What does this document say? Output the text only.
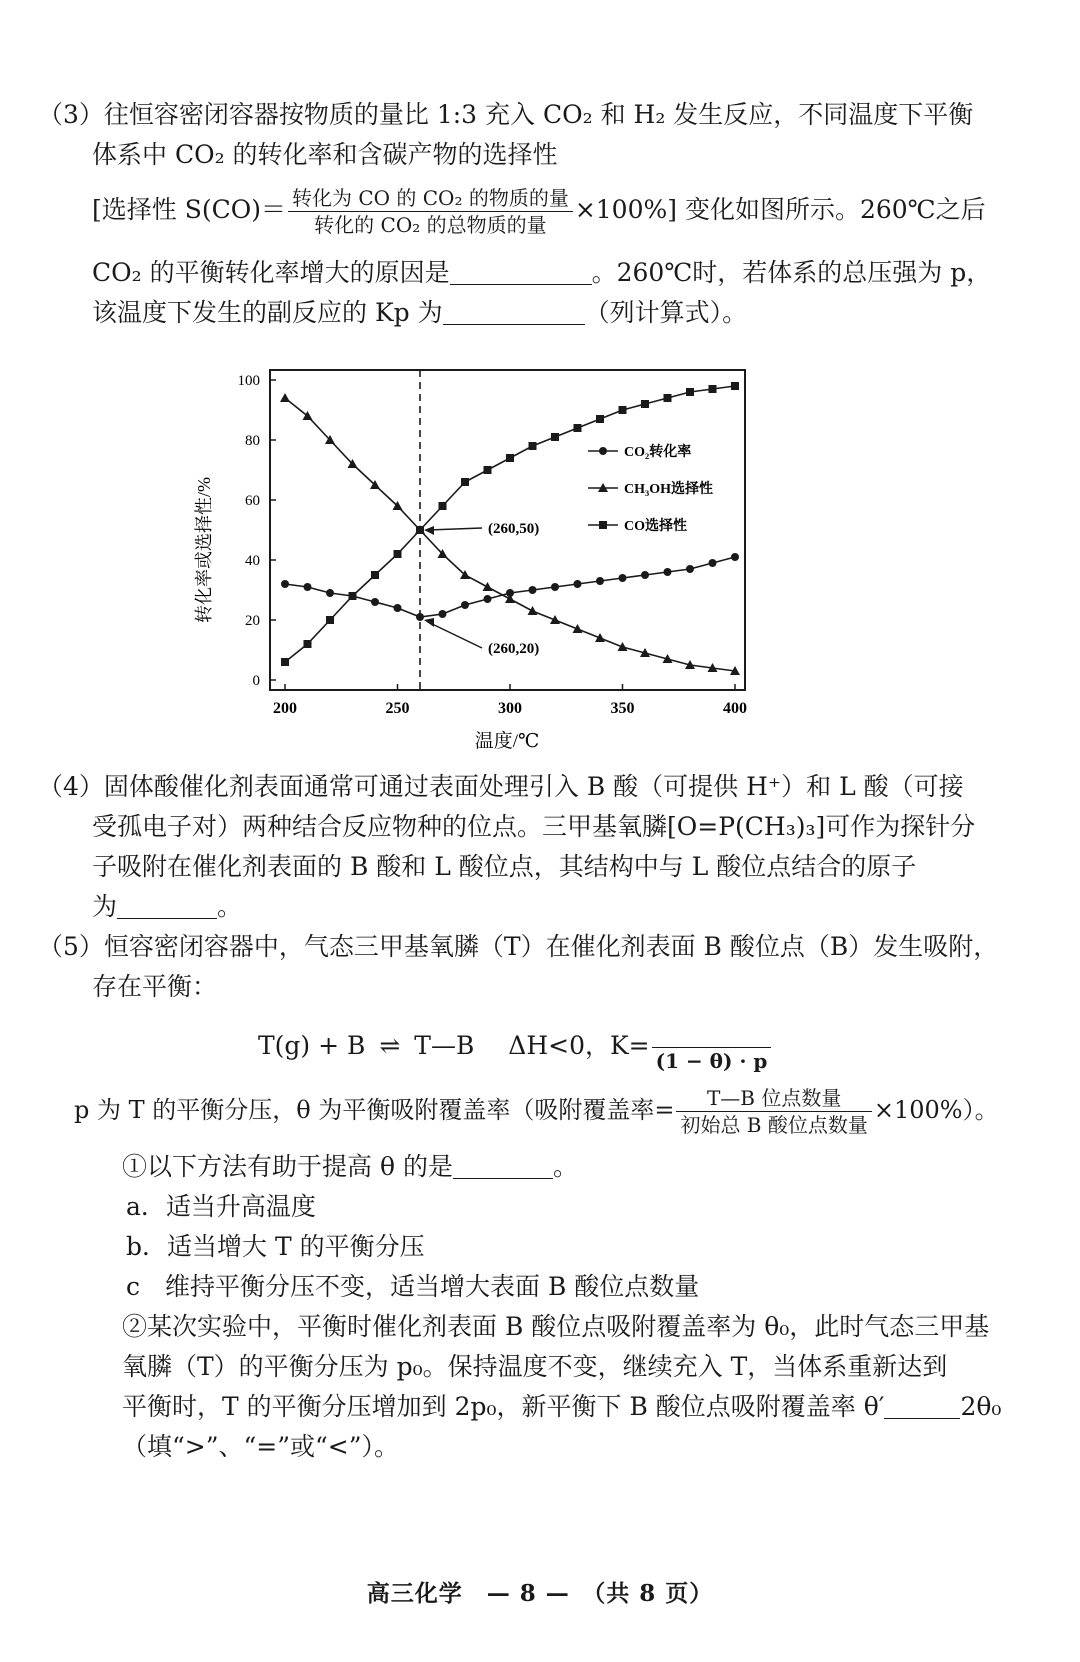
（3）往恒容密闭容器按物质的量比 1:3 充入 CO₂ 和 H₂ 发生反应，不同温度下平衡
体系中 CO₂ 的转化率和含碳产物的选择性
[选择性 $S(CO)= \frac{\text{转化为 CO 的 CO₂ 的物质的量}}{\text{转化的 CO₂ 的总物质的量}} \times 100\%$] 变化如图所示。260℃之后
CO₂ 的平衡转化率增大的原因是	。260℃时，若体系的总压强为 p，
该温度下发生的副反应的 Kp 为	（列计算式）。
0
20
40
60
80
100
200	250	300	350	400
转化率或选择性/%
温度/℃
(260,50)
(260,20)
CO₂转化率
CH₃OH选择性
CO选择性
（4）固体酸催化剂表面通常可通过表面处理引入 B 酸（可提供 H⁺）和 L 酸（可接
受孤电子对）两种结合反应物种的位点。三甲基氧膦[O=P(CH₃)₃]可作为探针分
子吸附在催化剂表面的 B 酸和 L 酸位点，其结构中与 L 酸位点结合的原子
为	。
（5）恒容密闭容器中，气态三甲基氧膦（T）在催化剂表面 B 酸位点（B）发生吸附，
存在平衡：
T(g) + B ⇌ T—B ΔH<0，K=
(1 − θ) · p
p 为 T 的平衡分压，θ 为平衡吸附覆盖率（吸附覆盖率= $\frac{\text{T—B 位点数量}}{\text{初始总 B 酸位点数量}} \times 100\%$）。
①以下方法有助于提高 θ 的是	。
a．适当升高温度
b．适当增大 T 的平衡分压
c　维持平衡分压不变，适当增大表面 B 酸位点数量
②某次实验中，平衡时催化剂表面 B 酸位点吸附覆盖率为 θ₀，此时气态三甲基
氧膦（T）的平衡分压为 p₀。保持温度不变，继续充入 T，当体系重新达到
平衡时，T 的平衡分压增加到 2p₀，新平衡下 B 酸位点吸附覆盖率 θ′	2θ₀
（填“>”、“=”或“<”）。
高三化学　— 8 —　（共 8 页）
